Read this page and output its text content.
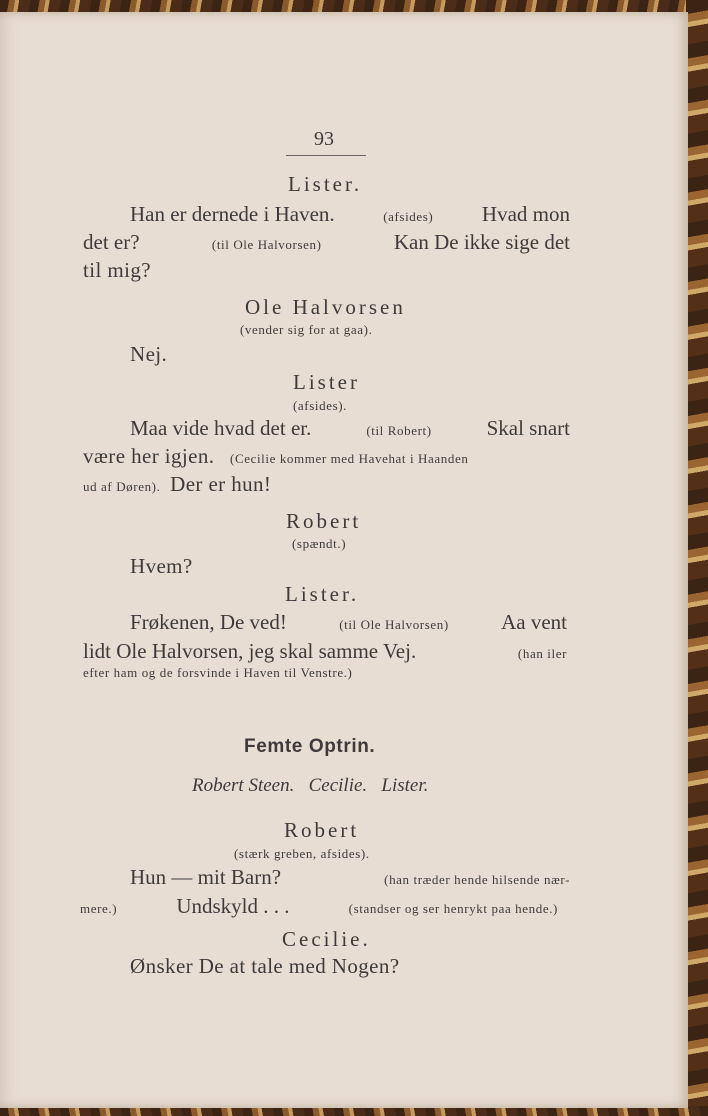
93
Lister.
Han er dernede i Haven.	(afsides) Hvad mon
det er?	(til Ole Halvorsen)	Kan De ikke sige det
til mig?
Ole Halvorsen
(vender sig for at gaa).
Nej.
Lister
(afsides).
Maa vide hvad det er.	(til Robert)	Skal snart
være her igjen. (Cecilie kommer med Havehat i Haanden
ud af Døren). Der er hun!
Robert
(spændt.)
Hvem?
Lister.
Frøkenen, De ved!	(til Ole Halvorsen) Aa vent
lidt Ole Halvorsen, jeg skal samme Vej.	(han iler
efter ham og de forsvinde i Haven til Venstre.)
Femte Optrin.
Robert Steen.   Cecilie.   Lister.
Robert
(stærk greben, afsides).
Hun — mit Barn?	(han træder hende hilsende nær-
mere.)	Undskyld . . .	(standser og ser henrykt paa hende.)
Cecilie.
Ønsker De at tale med Nogen?
